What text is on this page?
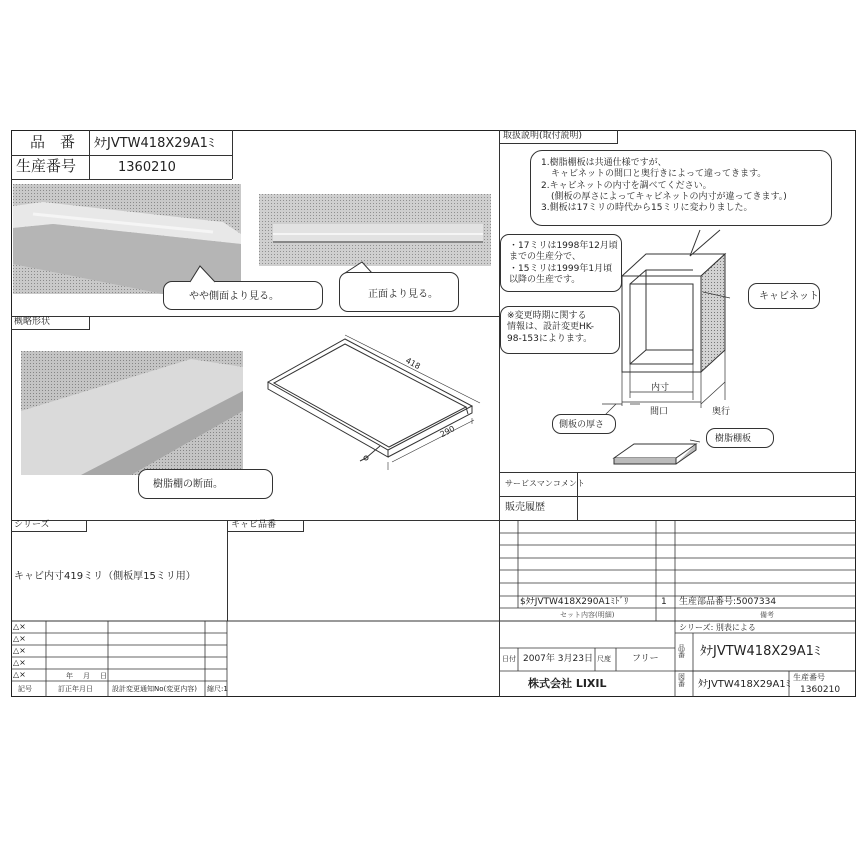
品　番 ﾀﾅJVTW418X29A1ﾐ
生産番号	1360210
やや側面より見る。	正面より見る。
概略形状
樹脂棚の断面。
418
290
取扱説明(取付説明)
1.樹脂棚板は共通仕様ですが、
キャビネットの間口と奥行きによって違ってきます。
2.キャビネットの内寸を調べてください。
(側板の厚さによってキャビネットの内寸が違ってきます。)
3.側板は17ミリの時代から15ミリに変わりました。
・17ミリは1998年12月頃
までの生産分で、
・15ミリは1999年1月頃
以降の生産です。
※変更時期に関する
情報は、設計変更HK-
98-153によります。
キャビネット
内寸
間口	奥行
側板の厚さ
樹脂棚板
サービスマンコメント
販売履歴
シリーズ	キャビ品番
キャビ内寸419ミリ（側板厚15ミリ用）
$ﾀﾅJVTW418X290A1ﾐﾄﾞﾘ	1 生産部品番号:5007334
セット内容(明細)	備考
△×
△×
△×
△×
△×	年 月 日
記号	訂正年月日	設計変更通知No(変更内容) 縮尺:1
シリーズ: 別表による
日付 2007年 3月23日 尺度 フリー
品番	ﾀﾅJVTW418X29A1ﾐ
株式会社 LIXIL	図番	ﾀﾅJVTW418X29A1ﾐ
生産番号
1360210
